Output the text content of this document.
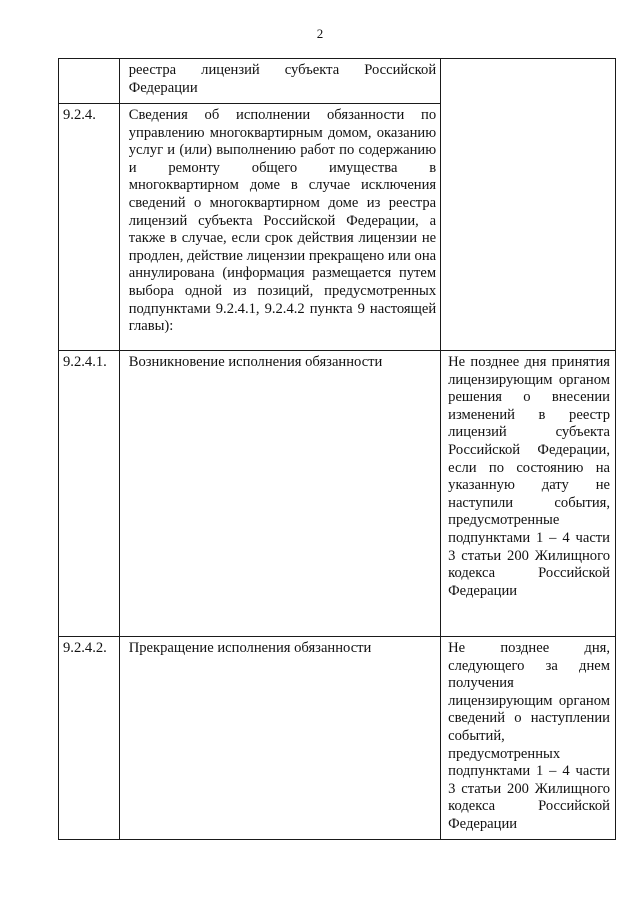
2
	реестра лицензий субъекта Российской Федерации	
9.2.4.	Сведения об исполнении обязанности по управлению многоквартирным домом, оказанию услуг и (или) выполнению работ по содержанию и ремонту общего имущества в многоквартирном доме в случае исключения сведений о многоквартирном доме из реестра лицензий субъекта Российской Федерации, а также в случае, если срок действия лицензии не продлен, действие лицензии прекращено или она аннулирована (информация размещается путем выбора одной из позиций, предусмотренных подпунктами 9.2.4.1, 9.2.4.2 пункта 9 настоящей главы):	
9.2.4.1.	Возникновение исполнения обязанности	Не позднее дня принятия лицензирующим органом решения о внесении изменений в реестр лицензий субъекта Российской Федерации, если по состоянию на указанную дату не наступили события, предусмотренные подпунктами 1 – 4 части 3 статьи 200 Жилищного кодекса Российской Федерации
9.2.4.2.	Прекращение исполнения обязанности	Не позднее дня, следующего за днем получения лицензирующим органом сведений о наступлении событий, предусмотренных подпунктами 1 – 4 части 3 статьи 200 Жилищного кодекса Российской Федерации
